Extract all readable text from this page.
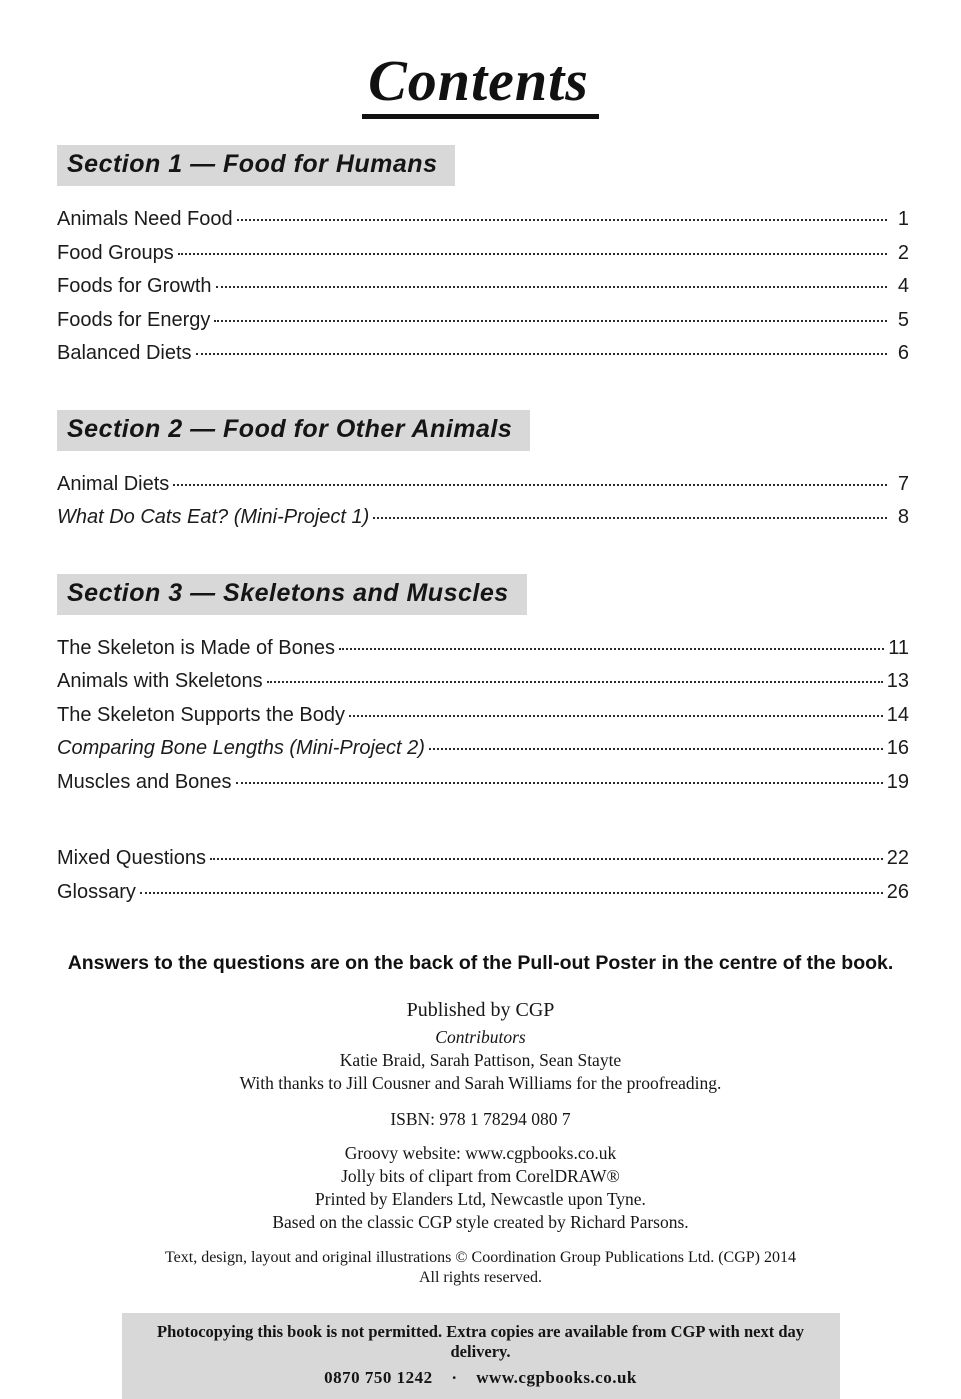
Contents
Section 1 — Food for Humans
Animals Need Food	1
Food Groups	2
Foods for Growth	4
Foods for Energy	5
Balanced Diets	6
Section 2 — Food for Other Animals
Animal Diets	7
What Do Cats Eat? (Mini-Project 1)	8
Section 3 — Skeletons and Muscles
The Skeleton is Made of Bones	11
Animals with Skeletons	13
The Skeleton Supports the Body	14
Comparing Bone Lengths (Mini-Project 2)	16
Muscles and Bones	19
Mixed Questions	22
Glossary	26
Answers to the questions are on the back of the Pull-out Poster in the centre of the book.
Published by CGP
Contributors
Katie Braid, Sarah Pattison, Sean Stayte
With thanks to Jill Cousner and Sarah Williams for the proofreading.
ISBN: 978 1 78294 080 7
Groovy website: www.cgpbooks.co.uk
Jolly bits of clipart from CorelDRAW®
Printed by Elanders Ltd, Newcastle upon Tyne.
Based on the classic CGP style created by Richard Parsons.
Text, design, layout and original illustrations © Coordination Group Publications Ltd. (CGP) 2014
All rights reserved.
Photocopying this book is not permitted. Extra copies are available from CGP with next day delivery.
0870 750 1242 · www.cgpbooks.co.uk
